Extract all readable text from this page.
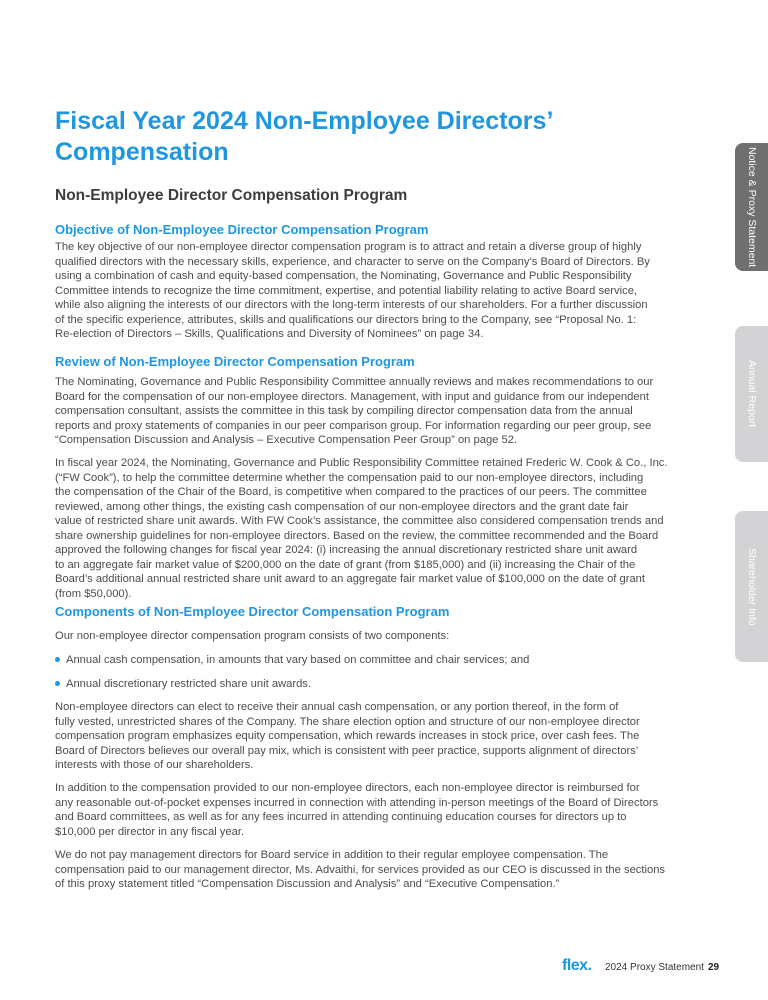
Fiscal Year 2024 Non-Employee Directors’
Compensation
Non-Employee Director Compensation Program
Objective of Non-Employee Director Compensation Program
The key objective of our non-employee director compensation program is to attract and retain a diverse group of highly
qualified directors with the necessary skills, experience, and character to serve on the Company’s Board of Directors. By
using a combination of cash and equity-based compensation, the Nominating, Governance and Public Responsibility
Committee intends to recognize the time commitment, expertise, and potential liability relating to active Board service,
while also aligning the interests of our directors with the long-term interests of our shareholders. For a further discussion
of the specific experience, attributes, skills and qualifications our directors bring to the Company, see “Proposal No. 1:
Re-election of Directors – Skills, Qualifications and Diversity of Nominees” on page 34.
Review of Non-Employee Director Compensation Program
The Nominating, Governance and Public Responsibility Committee annually reviews and makes recommendations to our
Board for the compensation of our non-employee directors. Management, with input and guidance from our independent
compensation consultant, assists the committee in this task by compiling director compensation data from the annual
reports and proxy statements of companies in our peer comparison group. For information regarding our peer group, see
“Compensation Discussion and Analysis – Executive Compensation Peer Group” on page 52.
In fiscal year 2024, the Nominating, Governance and Public Responsibility Committee retained Frederic W. Cook & Co., Inc.
(“FW Cook”), to help the committee determine whether the compensation paid to our non-employee directors, including
the compensation of the Chair of the Board, is competitive when compared to the practices of our peers. The committee
reviewed, among other things, the existing cash compensation of our non-employee directors and the grant date fair
value of restricted share unit awards. With FW Cook’s assistance, the committee also considered compensation trends and
share ownership guidelines for non-employee directors. Based on the review, the committee recommended and the Board
approved the following changes for fiscal year 2024: (i) increasing the annual discretionary restricted share unit award
to an aggregate fair market value of $200,000 on the date of grant (from $185,000) and (ii) increasing the Chair of the
Board’s additional annual restricted share unit award to an aggregate fair market value of $100,000 on the date of grant
(from $50,000).
Components of Non-Employee Director Compensation Program
Our non-employee director compensation program consists of two components:
Annual cash compensation, in amounts that vary based on committee and chair services; and
Annual discretionary restricted share unit awards.
Non-employee directors can elect to receive their annual cash compensation, or any portion thereof, in the form of
fully vested, unrestricted shares of the Company. The share election option and structure of our non-employee director
compensation program emphasizes equity compensation, which rewards increases in stock price, over cash fees. The
Board of Directors believes our overall pay mix, which is consistent with peer practice, supports alignment of directors’
interests with those of our shareholders.
In addition to the compensation provided to our non-employee directors, each non-employee director is reimbursed for
any reasonable out-of-pocket expenses incurred in connection with attending in-person meetings of the Board of Directors
and Board committees, as well as for any fees incurred in attending continuing education courses for directors up to
$10,000 per director in any fiscal year.
We do not pay management directors for Board service in addition to their regular employee compensation. The
compensation paid to our management director, Ms. Advaithi, for services provided as our CEO is discussed in the sections
of this proxy statement titled “Compensation Discussion and Analysis” and “Executive Compensation.”
Notice & Proxy Statement
Annual Report
Shareholder Info
flex. 2024 Proxy Statement 29
